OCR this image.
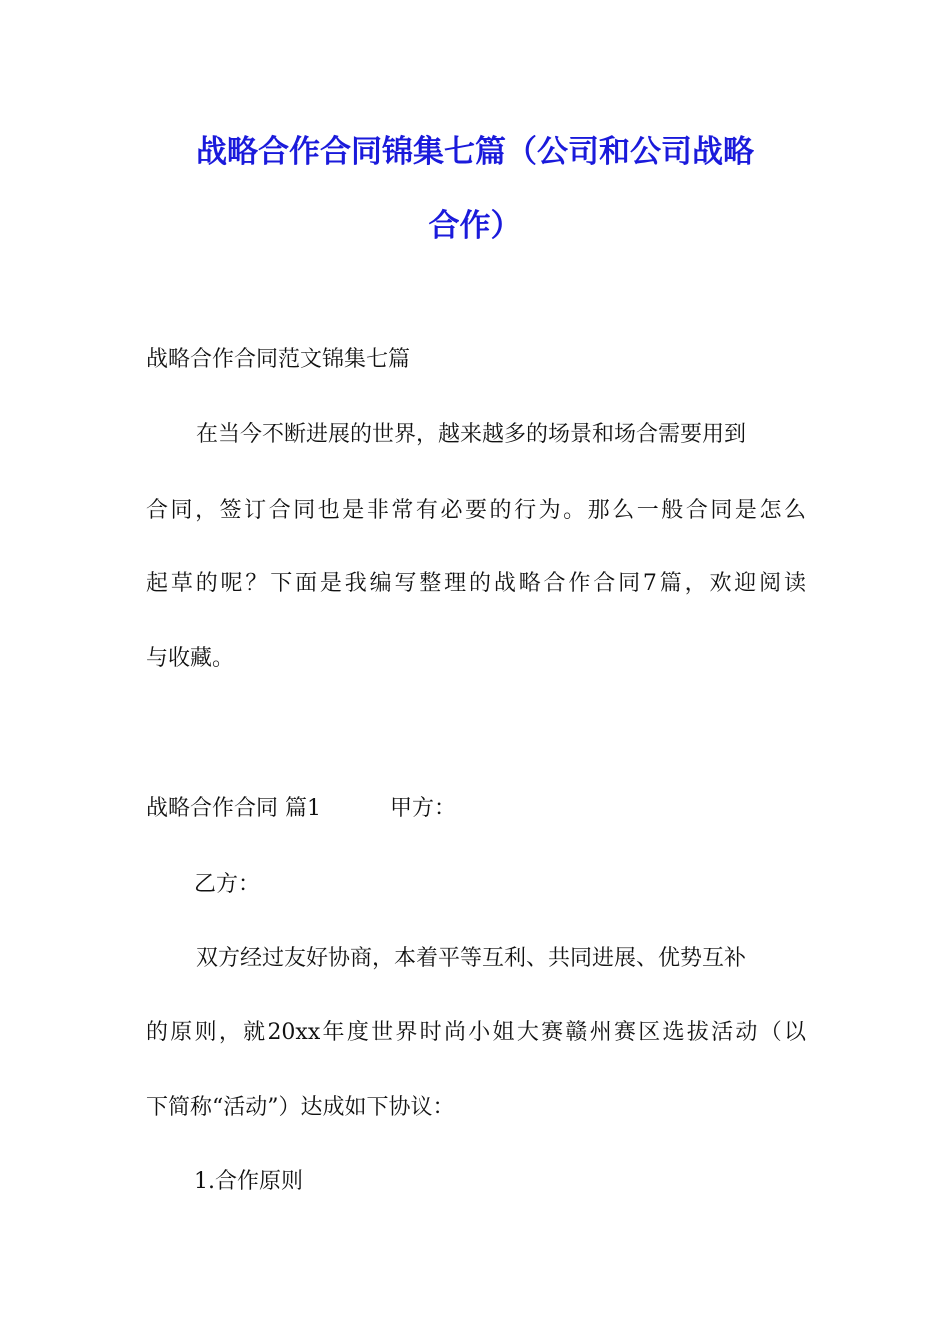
战略合作合同锦集七篇（公司和公司战略
合作）
战略合作合同范文锦集七篇
在当今不断进展的世界，越来越多的场景和场合需要用到
合同，签订合同也是非常有必要的行为。那么一般合同是怎么
起草的呢？下面是我编写整理的战略合作合同7篇，欢迎阅读
与收藏。
战略合作合同 篇1	甲方：
乙方：
双方经过友好协商，本着平等互利、共同进展、优势互补
的原则，就20xx年度世界时尚小姐大赛赣州赛区选拔活动（以
下简称“活动”）达成如下协议：
1.合作原则
